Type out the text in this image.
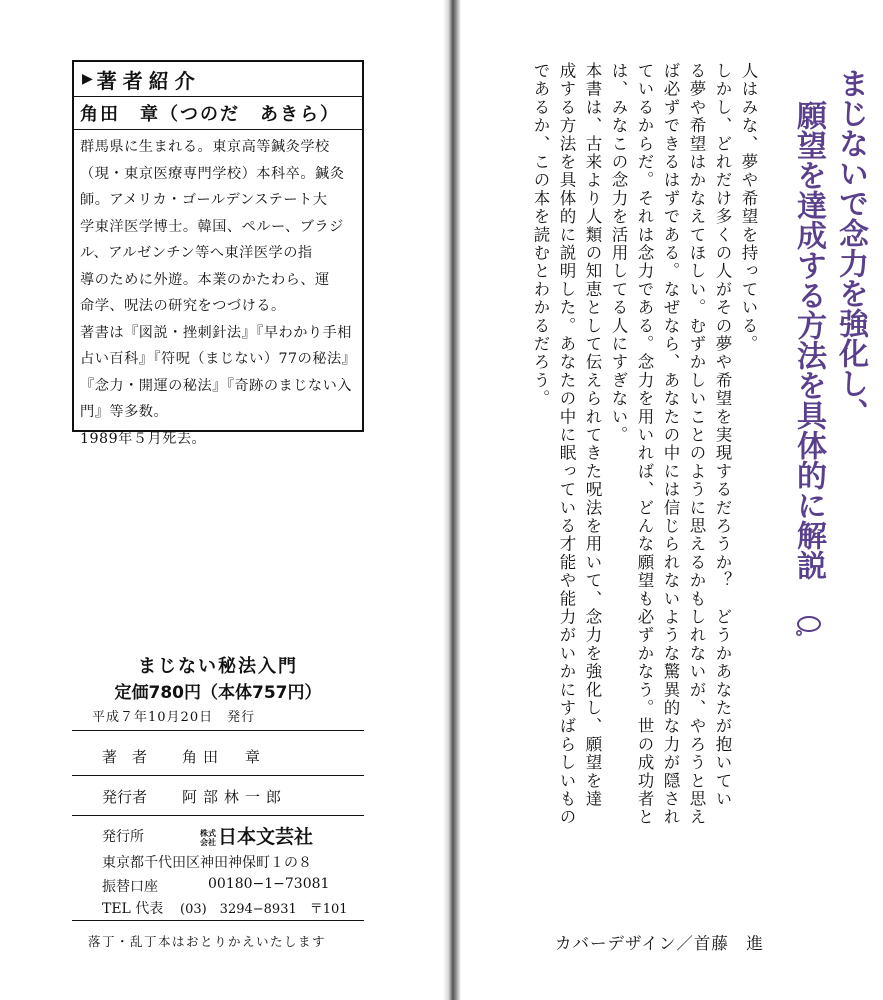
▶ 著者紹介
角田　章（つのだ　あきら）

群馬県に生まれる。東京高等鍼灸学校

（現・東京医療専門学校）本科卒。鍼灸

師。アメリカ・ゴールデンステート大

学東洋医学博士。韓国、ペルー、ブラジ

ル、アルゼンチン等へ東洋医学の指

導のために外遊。本業のかたわら、運

命学、呪法の研究をつづける。

著書は『図説・挫刺針法』『早わかり手相

占い百科』『符呪（まじない）77の秘法』

『念力・開運の秘法』『奇跡のまじない入

門』等多数。

1989年５月死去。

まじない秘法入門
定価780円（本体757円）
平成７年10月20日　発行
著　者 角田　章
発行者 阿部林一郎
発行所	株式会社 日本文芸社
東京都千代田区神田神保町１の８
振替口座	00180−1−73081
TEL 代表 (03)　3294−8931　〒101
落丁・乱丁本はおとりかえいたします
まじないで念力を強化し、
願望を達成する方法を具体的に解説
人はみな、夢や希望を持っている。
しかし、どれだけ多くの人がその夢や希望を実現するだろうか？　どうかあなたが抱いてい
る夢や希望はかなえてほしい。むずかしいことのように思えるかもしれないが、やろうと思え
ば必ずできるはずである。なぜなら、あなたの中には信じられないような驚異的な力が隠され
ているからだ。それは念力である。念力を用いれば、どんな願望も必ずかなう。世の成功者と
は、みなこの念力を活用してる人にすぎない。
本書は、古来より人類の知恵として伝えられてきた呪法を用いて、念力を強化し、願望を達
成する方法を具体的に説明した。あなたの中に眠っている才能や能力がいかにすばらしいもの
であるか、この本を読むとわかるだろう。
カバーデザイン／首藤　進
